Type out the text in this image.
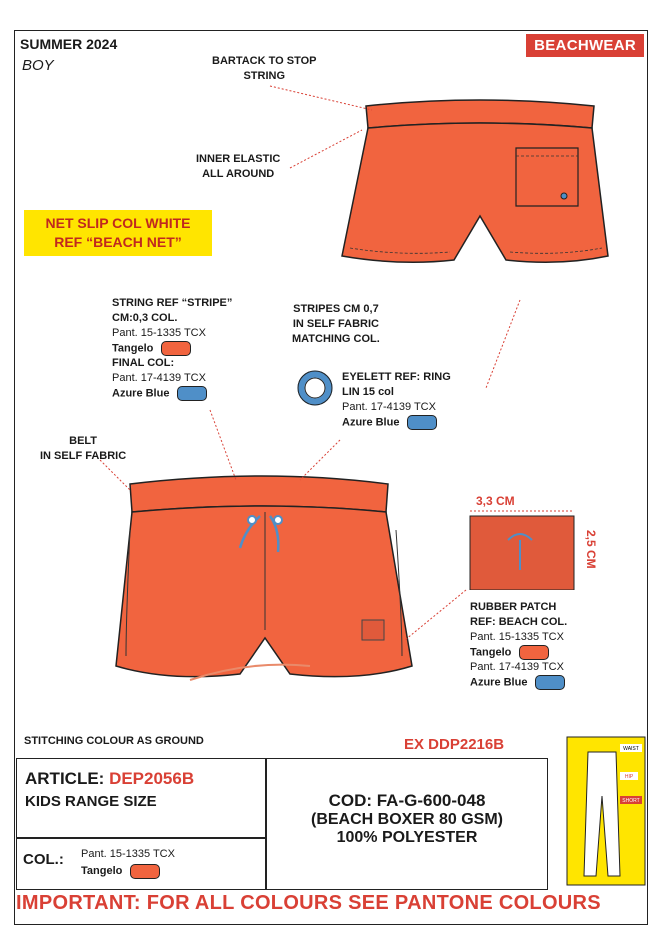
SUMMER 2024
BOY
BEACHWEAR
BARTACK TO STOP
STRING
INNER ELASTIC
ALL AROUND
NET SLIP COL WHITE
REF “BEACH NET”
STRIPES CM 0,7
IN SELF FABRIC
MATCHING COL.
STRING REF “STRIPE”
CM:0,3 COL.
Pant. 15-1335 TCX
Tangelo
FINAL COL:
Pant. 17-4139 TCX
Azure Blue
EYELETT REF: RING
LIN 15 col
Pant. 17-4139 TCX
Azure Blue
BELT
IN SELF FABRIC
3,3 CM
2,5 CM
RUBBER PATCH
REF: BEACH COL.
Pant. 15-1335 TCX
Tangelo
Pant. 17-4139 TCX
Azure Blue
STITCHING COLOUR AS GROUND	EX DDP2216B
ARTICLE: DEP2056B
KIDS RANGE SIZE
COL.: Pant. 15-1335 TCX
Tangelo
COD: FA-G-600-048
(BEACH BOXER 80 GSM)
100% POLYESTER
WAIST
HIP
SHORT
IMPORTANT: FOR ALL COLOURS SEE PANTONE COLOURS
